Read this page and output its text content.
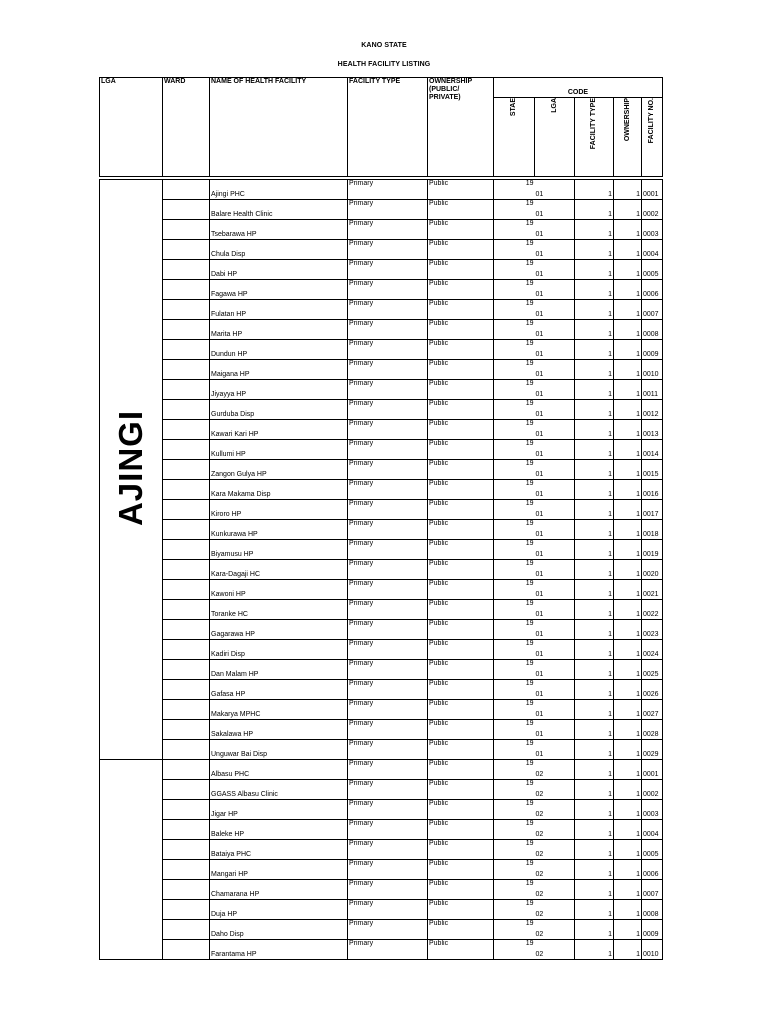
KANO STATE
HEALTH FACILITY LISTING
LGA	WARD	NAME OF HEALTH FACILITY	FACILITY TYPE	OWNERSHIP
(PUBLIC/ PRIVATE)	CODE				
					STAE	LGA	FACILITY TYPE	OWNERSHIP	FACILITY NO.

AJINGI		Ajingi PHC	Primary	Public	19	01	1	1	0001
		Balare Health Clinic	Primary	Public	19	01	1	1	0002
		Tsebarawa HP	Primary	Public	19	01	1	1	0003
		Chula Disp	Primary	Public	19	01	1	1	0004
		Dabi HP	Primary	Public	19	01	1	1	0005
		Fagawa HP	Primary	Public	19	01	1	1	0006
		Fulatan HP	Primary	Public	19	01	1	1	0007
		Marita HP	Primary	Public	19	01	1	1	0008
		Dundun HP	Primary	Public	19	01	1	1	0009
		Maigana HP	Primary	Public	19	01	1	1	0010
		Jiyayya HP	Primary	Public	19	01	1	1	0011
		Gurduba Disp	Primary	Public	19	01	1	1	0012
		Kawari Kari HP	Primary	Public	19	01	1	1	0013
		Kullumi HP	Primary	Public	19	01	1	1	0014
		Zangon Gulya HP	Primary	Public	19	01	1	1	0015
		Kara Makama Disp	Primary	Public	19	01	1	1	0016
		Kiroro HP	Primary	Public	19	01	1	1	0017
		Kunkurawa HP	Primary	Public	19	01	1	1	0018
		Biyamusu HP	Primary	Public	19	01	1	1	0019
		Kara-Dagaji HC	Primary	Public	19	01	1	1	0020
		Kawoni HP	Primary	Public	19	01	1	1	0021
		Toranke HC	Primary	Public	19	01	1	1	0022
		Gagarawa HP	Primary	Public	19	01	1	1	0023
		Kadiri Disp	Primary	Public	19	01	1	1	0024
		Dan Malam HP	Primary	Public	19	01	1	1	0025
		Gafasa HP	Primary	Public	19	01	1	1	0026
		Makarya MPHC	Primary	Public	19	01	1	1	0027
		Sakalawa HP	Primary	Public	19	01	1	1	0028
		Unguwar Bai Disp	Primary	Public	19	01	1	1	0029
		Albasu PHC	Primary	Public	19	02	1	1	0001
		GGASS Albasu Clinic	Primary	Public	19	02	1	1	0002
		Jigar HP	Primary	Public	19	02	1	1	0003
		Baleke HP	Primary	Public	19	02	1	1	0004
		Bataiya PHC	Primary	Public	19	02	1	1	0005
		Mangari HP	Primary	Public	19	02	1	1	0006
		Chamarana HP	Primary	Public	19	02	1	1	0007
		Duja HP	Primary	Public	19	02	1	1	0008
		Daho Disp	Primary	Public	19	02	1	1	0009
		Farantama HP	Primary	Public	19	02	1	1	0010
